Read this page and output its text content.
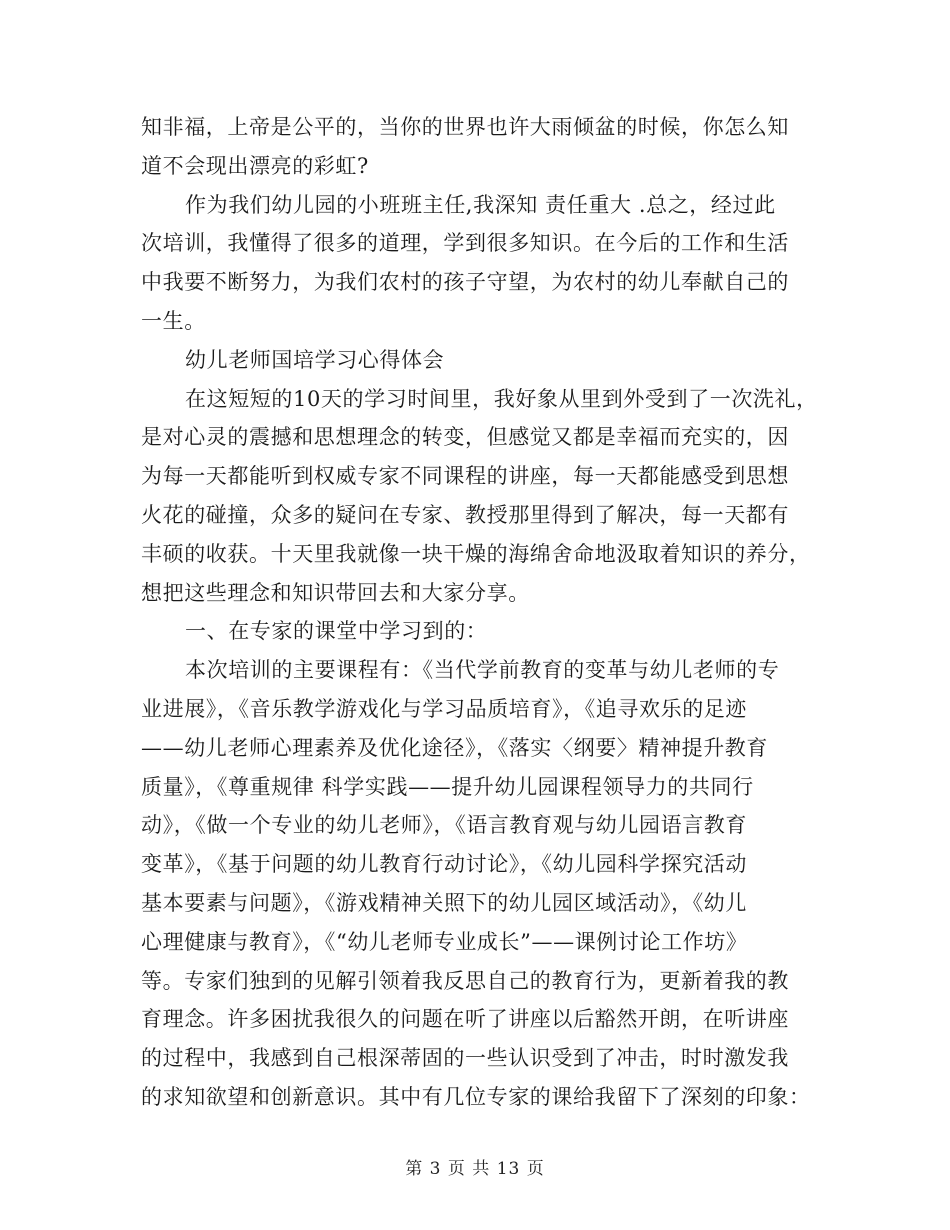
知非福，上帝是公平的，当你的世界也许大雨倾盆的时候，你怎么知
道不会现出漂亮的彩虹?
作为我们幼儿园的小班班主任,我深知 责任重大 .总之，经过此
次培训，我懂得了很多的道理，学到很多知识。在今后的工作和生活
中我要不断努力，为我们农村的孩子守望，为农村的幼儿奉献自己的
一生。
幼儿老师国培学习心得体会
在这短短的10天的学习时间里，我好象从里到外受到了一次洗礼，
是对心灵的震撼和思想理念的转变，但感觉又都是幸福而充实的，因
为每一天都能听到权威专家不同课程的讲座，每一天都能感受到思想
火花的碰撞，众多的疑问在专家、教授那里得到了解决，每一天都有
丰硕的收获。十天里我就像一块干燥的海绵舍命地汲取着知识的养分，
想把这些理念和知识带回去和大家分享。
一、在专家的课堂中学习到的：
本次培训的主要课程有：《当代学前教育的变革与幼儿老师的专
业进展》，《音乐教学游戏化与学习品质培育》，《追寻欢乐的足迹
——幼儿老师心理素养及优化途径》，《落实〈纲要〉精神提升教育
质量》，《尊重规律 科学实践——提升幼儿园课程领导力的共同行
动》，《做一个专业的幼儿老师》，《语言教育观与幼儿园语言教育
变革》，《基于问题的幼儿教育行动讨论》，《幼儿园科学探究活动
基本要素与问题》，《游戏精神关照下的幼儿园区域活动》，《幼儿
心理健康与教育》，《“幼儿老师专业成长”——课例讨论工作坊》
等。专家们独到的见解引领着我反思自己的教育行为，更新着我的教
育理念。许多困扰我很久的问题在听了讲座以后豁然开朗，在听讲座
的过程中，我感到自己根深蒂固的一些认识受到了冲击，时时激发我
的求知欲望和创新意识。其中有几位专家的课给我留下了深刻的印象：
第 3 页 共 13 页
